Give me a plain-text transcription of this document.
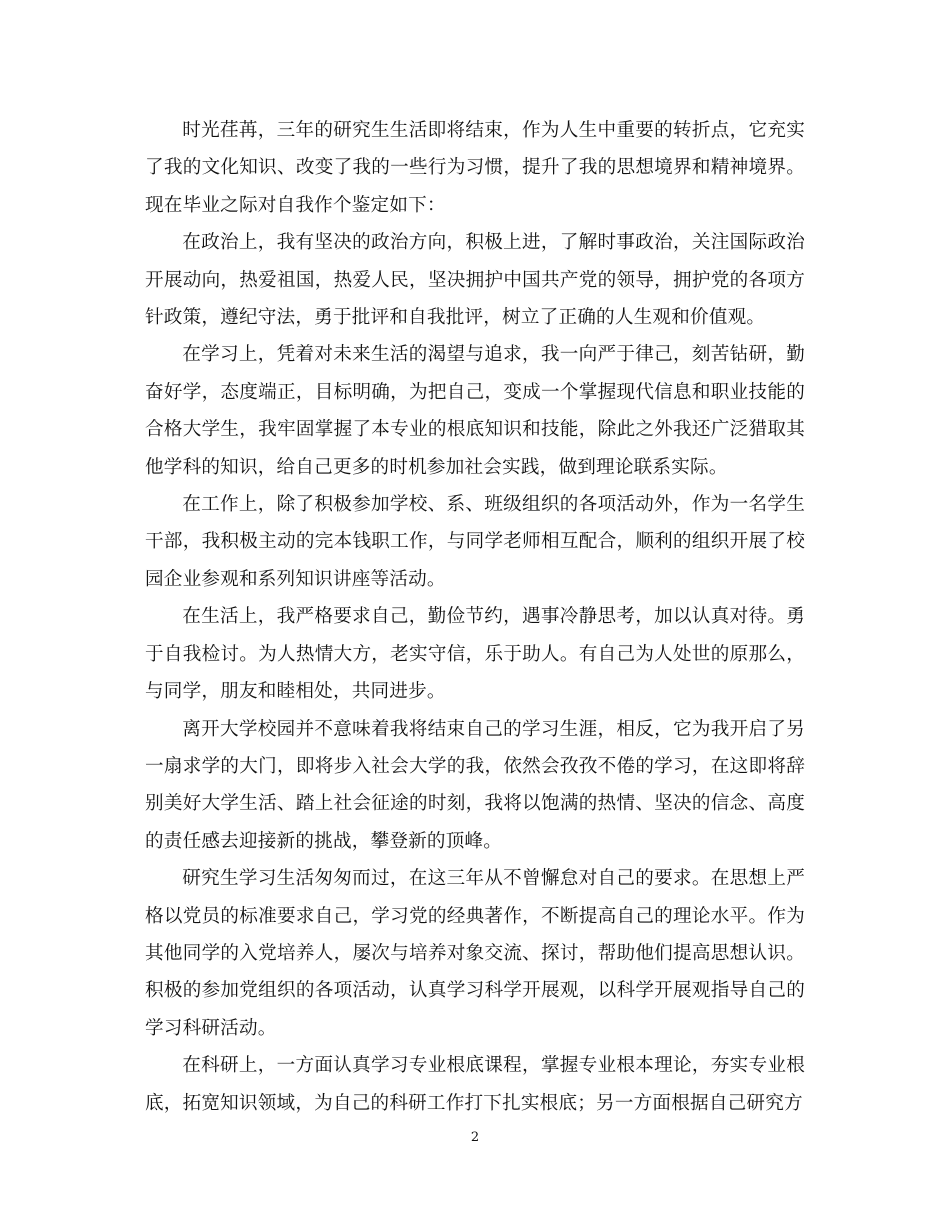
时光荏苒，三年的研究生生活即将结束，作为人生中重要的转折点，它充实了我的文化知识、改变了我的一些行为习惯，提升了我的思想境界和精神境界。现在毕业之际对自我作个鉴定如下：

在政治上，我有坚决的政治方向，积极上进，了解时事政治，关注国际政治开展动向，热爱祖国，热爱人民，坚决拥护中国共产党的领导，拥护党的各项方针政策，遵纪守法，勇于批评和自我批评，树立了正确的人生观和价值观。

在学习上，凭着对未来生活的渴望与追求，我一向严于律己，刻苦钻研，勤奋好学，态度端正，目标明确，为把自己，变成一个掌握现代信息和职业技能的合格大学生，我牢固掌握了本专业的根底知识和技能，除此之外我还广泛猎取其他学科的知识，给自己更多的时机参加社会实践，做到理论联系实际。

在工作上，除了积极参加学校、系、班级组织的各项活动外，作为一名学生干部，我积极主动的完本钱职工作，与同学老师相互配合，顺利的组织开展了校园企业参观和系列知识讲座等活动。

在生活上，我严格要求自己，勤俭节约，遇事冷静思考，加以认真对待。勇于自我检讨。为人热情大方，老实守信，乐于助人。有自己为人处世的原那么，与同学，朋友和睦相处，共同进步。

离开大学校园并不意味着我将结束自己的学习生涯，相反，它为我开启了另一扇求学的大门，即将步入社会大学的我，依然会孜孜不倦的学习，在这即将辞别美好大学生活、踏上社会征途的时刻，我将以饱满的热情、坚决的信念、高度的责任感去迎接新的挑战，攀登新的顶峰。

研究生学习生活匆匆而过，在这三年从不曾懈怠对自己的要求。在思想上严格以党员的标准要求自己，学习党的经典著作，不断提高自己的理论水平。作为其他同学的入党培养人，屡次与培养对象交流、探讨，帮助他们提高思想认识。积极的参加党组织的各项活动，认真学习科学开展观，以科学开展观指导自己的学习科研活动。

在科研上，一方面认真学习专业根底课程，掌握专业根本理论，夯实专业根底，拓宽知识领域，为自己的科研工作打下扎实根底；另一方面根据自己研究方

2
